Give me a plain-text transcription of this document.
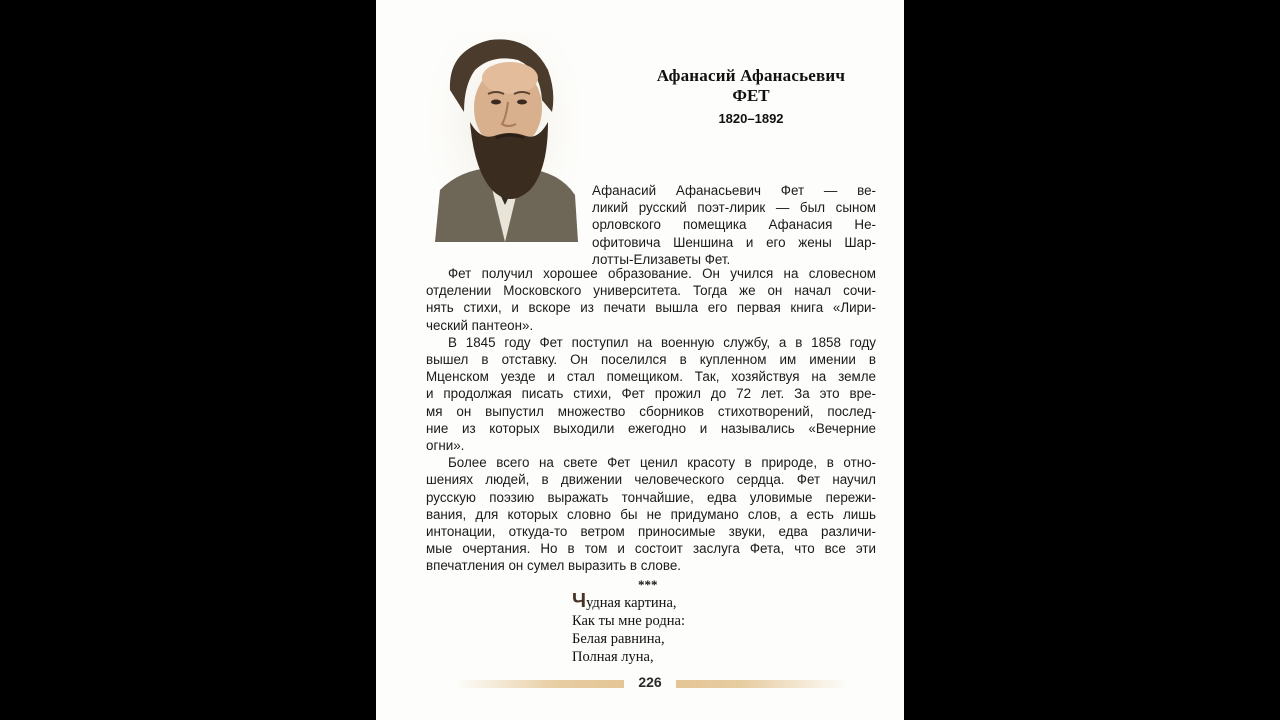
Афанасий Афанасьевич
ФЕТ
1820–1892
Афанасий Афанасьевич Фет — ве-
ликий русский поэт-лирик — был сыном
орловского помещика Афанасия Не-
офитовича Шеншина и его жены Шар-
лотты-Елизаветы Фет.
Фет получил хорошее образование. Он учился на словесном
отделении Московского университета. Тогда же он начал сочи-
нять стихи, и вскоре из печати вышла его первая книга «Лири-
ческий пантеон».
В 1845 году Фет поступил на военную службу, а в 1858 году
вышел в отставку. Он поселился в купленном им имении в
Мценском уезде и стал помещиком. Так, хозяйствуя на земле
и продолжая писать стихи, Фет прожил до 72 лет. За это вре-
мя он выпустил множество сборников стихотворений, послед-
ние из которых выходили ежегодно и назывались «Вечерние
огни».
Более всего на свете Фет ценил красоту в природе, в отно-
шениях людей, в движении человеческого сердца. Фет научил
русскую поэзию выражать тончайшие, едва уловимые пережи-
вания, для которых словно бы не придумано слов, а есть лишь
интонации, откуда-то ветром приносимые звуки, едва различи-
мые очертания. Но в том и состоит заслуга Фета, что все эти
впечатления он сумел выразить в слове.
***
Чудная картина,
Как ты мне родна:
Белая равнина,
Полная луна,
226
